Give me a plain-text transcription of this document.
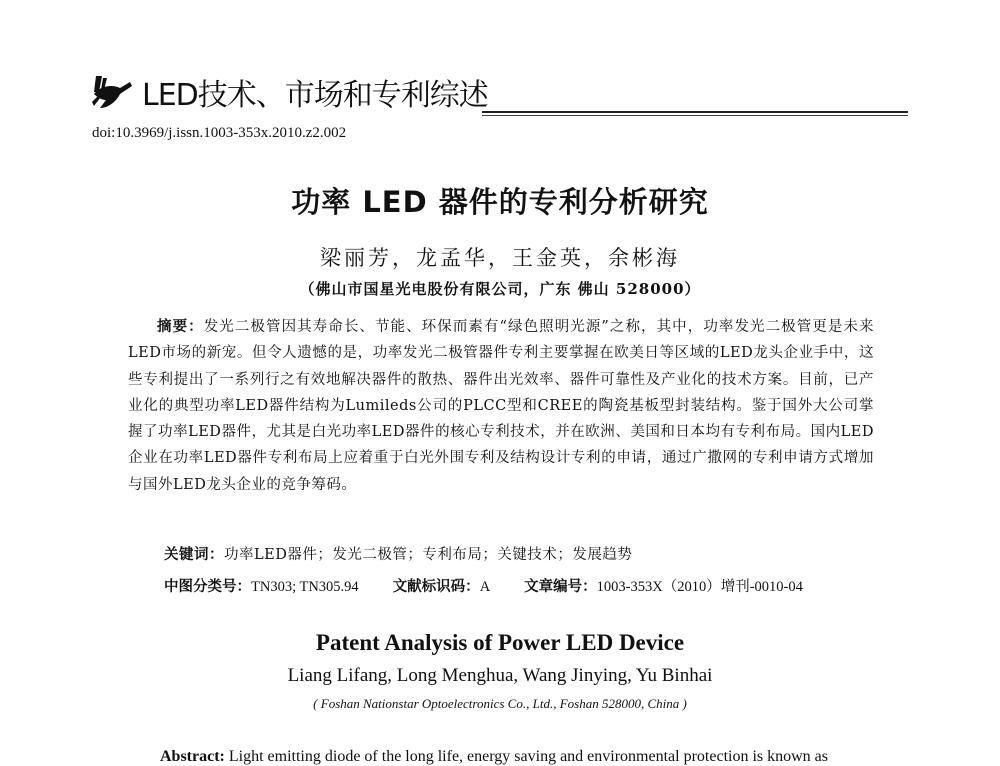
LED技术、市场和专利综述
doi:10.3969/j.issn.1003-353x.2010.z2.002
功率 LED 器件的专利分析研究
梁丽芳，龙孟华，王金英，余彬海
（佛山市国星光电股份有限公司，广东 佛山 528000）
摘要：发光二极管因其寿命长、节能、环保而素有“绿色照明光源”之称，其中，功率发光二极管更是未来LED市场的新宠。但令人遗憾的是，功率发光二极管器件专利主要掌握在欧美日等区域的LED龙头企业手中，这些专利提出了一系列行之有效地解决器件的散热、器件出光效率、器件可靠性及产业化的技术方案。目前，已产业化的典型功率LED器件结构为Lumileds公司的PLCC型和CREE的陶瓷基板型封装结构。鉴于国外大公司掌握了功率LED器件，尤其是白光功率LED器件的核心专利技术，并在欧洲、美国和日本均有专利布局。国内LED企业在功率LED器件专利布局上应着重于白光外围专利及结构设计专利的申请，通过广撒网的专利申请方式增加与国外LED龙头企业的竞争筹码。
关键词：功率LED器件；发光二极管；专利布局；关键技术；发展趋势
中图分类号：TN303; TN305.94 文献标识码：A 文章编号：1003-353X（2010）增刊-0010-04
Patent Analysis of Power LED Device
Liang Lifang, Long Menghua, Wang Jinying, Yu Binhai
( Foshan Nationstar Optoelectronics Co., Ltd., Foshan 528000, China )
Abstract: Light emitting diode of the long life, energy saving and environmental protection is known as
